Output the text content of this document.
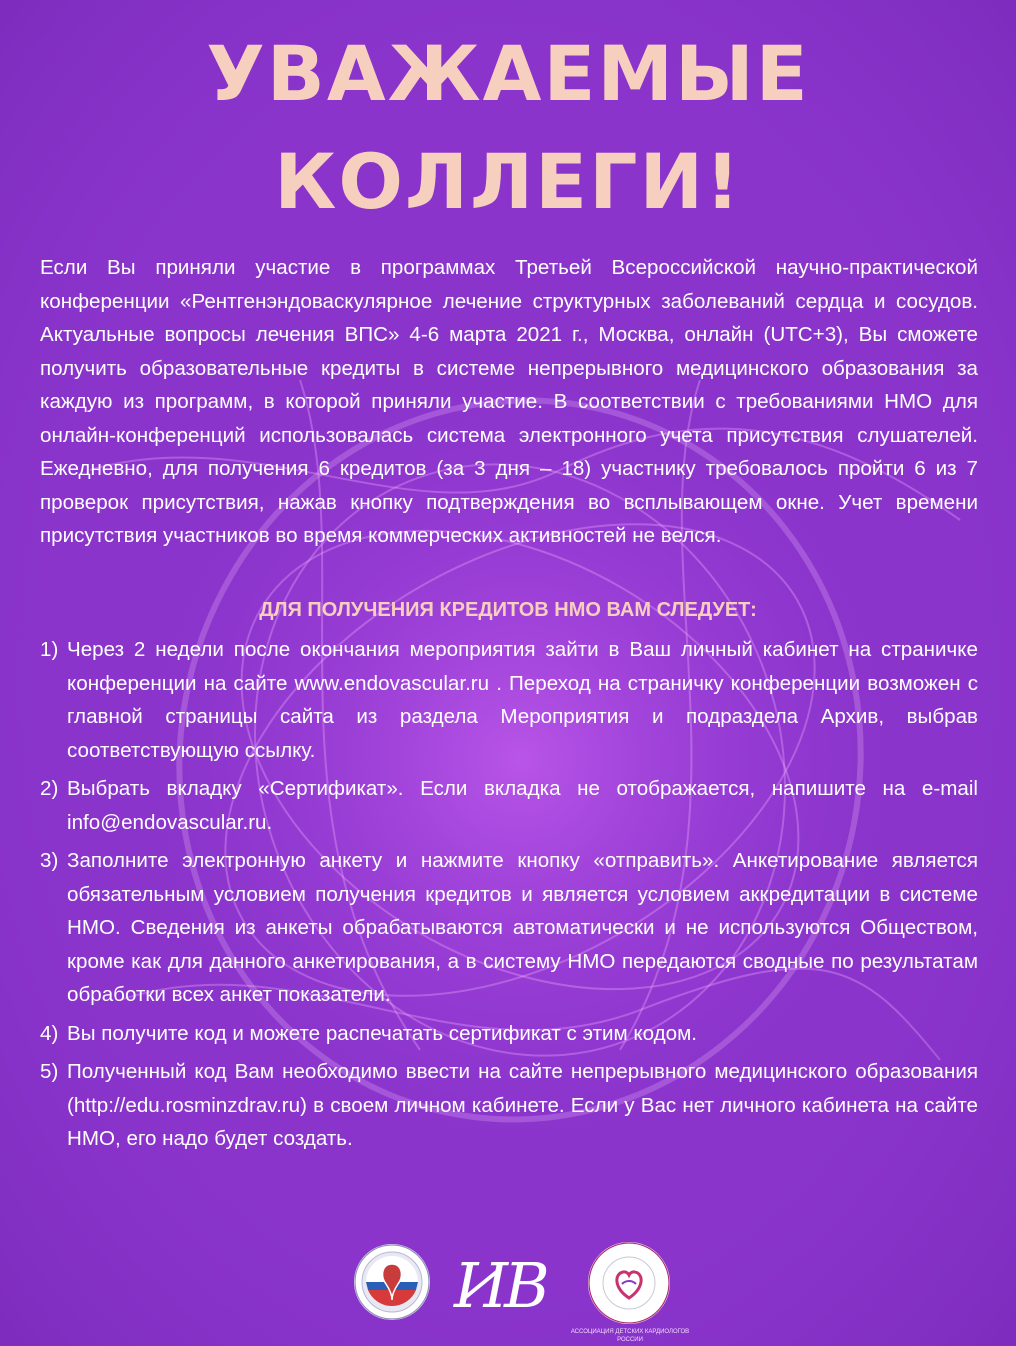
УВАЖАЕМЫЕ
КОЛЛЕГИ!

Если Вы приняли участие в программах Третьей Всероссийской научно-практической конференции «Рентгенэндоваскулярное лечение структурных заболеваний сердца и сосудов. Актуальные вопросы лечения ВПС» 4-6 марта 2021 г., Москва, онлайн (UTC+3), Вы сможете получить образовательные кредиты в системе непрерывного медицинского образования за каждую из программ, в которой приняли участие. В соответствии с требованиями НМО для онлайн-конференций использовалась система электронного учета присутствия слушателей. Ежедневно, для получения 6 кредитов (за 3 дня – 18) участнику требовалось пройти 6 из 7 проверок присутствия, нажав кнопку подтверждения во всплывающем окне. Учет времени присутствия участников во время коммерческих активностей не велся.

ДЛЯ ПОЛУЧЕНИЯ КРЕДИТОВ НМО ВАМ СЛЕДУЕТ:
1) Через 2 недели после окончания мероприятия зайти в Ваш личный кабинет на страничке конференции на сайте www.endovascular.ru . Переход на страничку конференции возможен с главной страницы сайта из раздела Мероприятия и подраздела Архив, выбрав соответствующую ссылку.
2) Выбрать вкладку «Сертификат». Если вкладка не отображается, напишите на e-mail info@endovascular.ru.
3) Заполните электронную анкету и нажмите кнопку «отправить». Анкетирование является обязательным условием получения кредитов и является условием аккредитации в системе НМО. Сведения из анкеты обрабатываются автоматически и не используются Обществом, кроме как для данного анкетирования, а в систему НМО передаются сводные по результатам обработки всех анкет показатели.
4) Вы получите код и можете распечатать сертификат с этим кодом.
5) Полученный код Вам необходимо ввести на сайте непрерывного медицинского образования (http://edu.rosminzdrav.ru) в своем личном кабинете. Если у Вас нет личного кабинета на сайте НМО, его надо будет создать.
ИВ
АССОЦИАЦИЯ ДЕТСКИХ КАРДИОЛОГОВ РОССИИ
